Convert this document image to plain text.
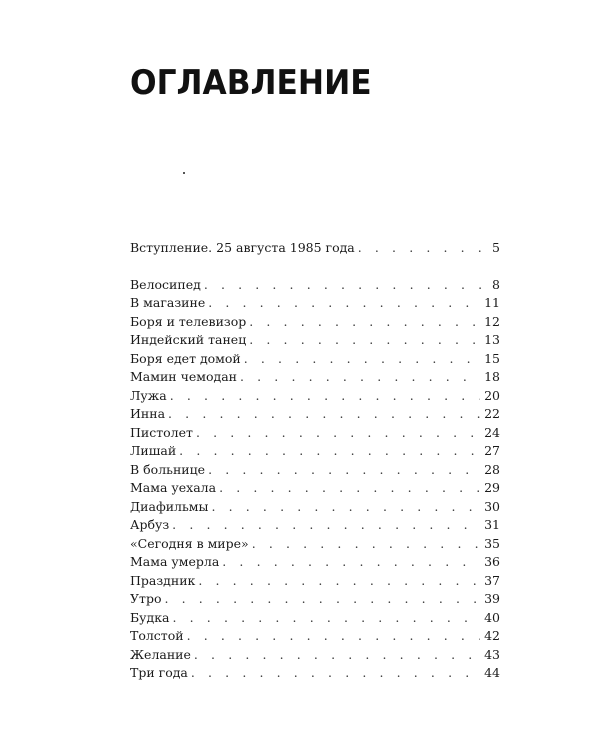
ОГЛАВЛЕНИЕ
Вступление. 25 августа 1985 года . . .	5
Велосипед . . .	8
В магазине . . .	11
Боря и телевизор . . .	12
Индейский танец . . .	13
Боря едет домой . . .	15
Мамин чемодан . . .	18
Лужа . . .	20
Инна . . .	22
Пистолет . . .	24
Лишай . . .	27
В больнице . . .	28
Мама уехала . . .	29
Диафильмы . . .	30
Арбуз . . .	31
«Сегодня в мире» . . .	35
Мама умерла . . .	36
Праздник . . .	37
Утро . . .	39
Будка . . .	40
Толстой . . .	42
Желание . . .	43
Три года . . .	44
